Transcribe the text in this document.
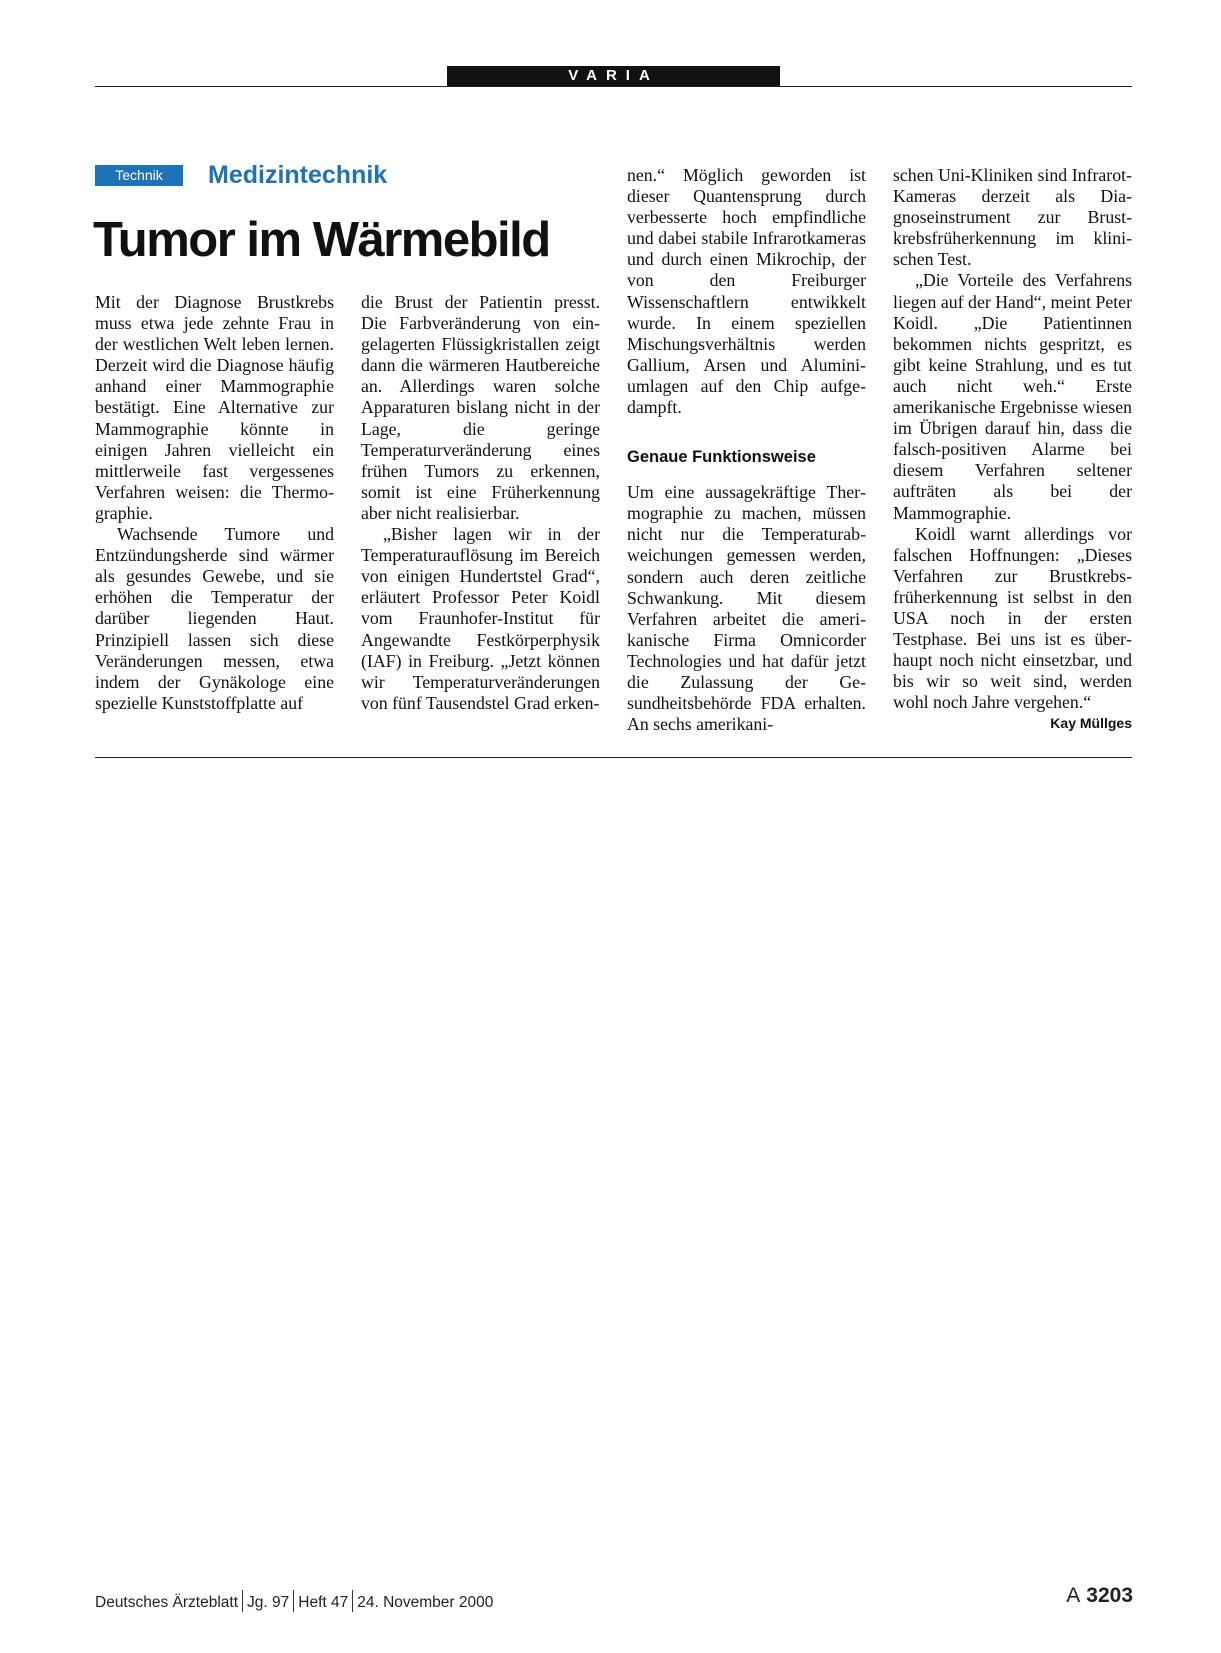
VARIA
Technik	Medizintechnik
Tumor im Wärmebild

Mit der Diagnose Brustkrebs muss etwa jede zehnte Frau in der westlichen Welt leben lernen. Derzeit wird die Diagnose häufig anhand einer Mammographie bestätigt. Eine Alternative zur Mammographie könnte in einigen Jahren vielleicht ein mittlerweile fast vergessenes Verfahren weisen: die Thermographie.

Wachsende Tumore und Entzündungsherde sind wärmer als gesundes Gewebe, und sie erhöhen die Temperatur der darüber liegenden Haut. Prinzipiell lassen sich diese Veränderungen messen, etwa indem der Gynäkologe eine spezielle Kunststoffplatte auf

die Brust der Patientin presst. Die Farbveränderung von eingelagerten Flüssigkristallen zeigt dann die wärmeren Hautbereiche an. Allerdings waren solche Apparaturen bislang nicht in der Lage, die geringe Temperaturveränderung eines frühen Tumors zu erkennen, somit ist eine Früherkennung aber nicht realisierbar.

„Bisher lagen wir in der Temperaturauflösung im Bereich von einigen Hundertstel Grad“, erläutert Professor Peter Koidl vom Fraunhofer-Institut für Angewandte Festkörperphysik (IAF) in Freiburg. „Jetzt können wir Temperaturveränderungen von fünf Tausendstel Grad erken-

nen.“ Möglich geworden ist dieser Quantensprung durch verbesserte hoch empfindliche und dabei stabile Infrarotkameras und durch einen Mikrochip, der von den Freiburger Wissenschaftlern entwikkelt wurde. In einem speziellen Mischungsverhältnis werden Gallium, Arsen und Aluminiumlagen auf den Chip aufgedampft.

Genaue Funktionsweise

Um eine aussagekräftige Thermographie zu machen, müssen nicht nur die Temperaturabweichungen gemessen werden, sondern auch deren zeitliche Schwankung. Mit diesem Verfahren arbeitet die amerikanische Firma Omnicorder Technologies und hat dafür jetzt die Zulassung der Gesundheitsbehörde FDA erhalten. An sechs amerikani-

schen Uni-Kliniken sind Infrarot-Kameras derzeit als Diagnoseinstrument zur Brustkrebsfrüherkennung im klinischen Test.

„Die Vorteile des Verfahrens liegen auf der Hand“, meint Peter Koidl. „Die Patientinnen bekommen nichts gespritzt, es gibt keine Strahlung, und es tut auch nicht weh.“ Erste amerikanische Ergebnisse wiesen im Übrigen darauf hin, dass die falsch-positiven Alarme bei diesem Verfahren seltener aufträten als bei der Mammographie.

Koidl warnt allerdings vor falschen Hoffnungen: „Dieses Verfahren zur Brustkrebsfrüherkennung ist selbst in den USA noch in der ersten Testphase. Bei uns ist es überhaupt noch nicht einsetzbar, und bis wir so weit sind, werden wohl noch Jahre vergehen.“
Kay Müllges

Deutsches Ärzteblatt Jg. 97 Heft 47 24. November 2000	A 3203
